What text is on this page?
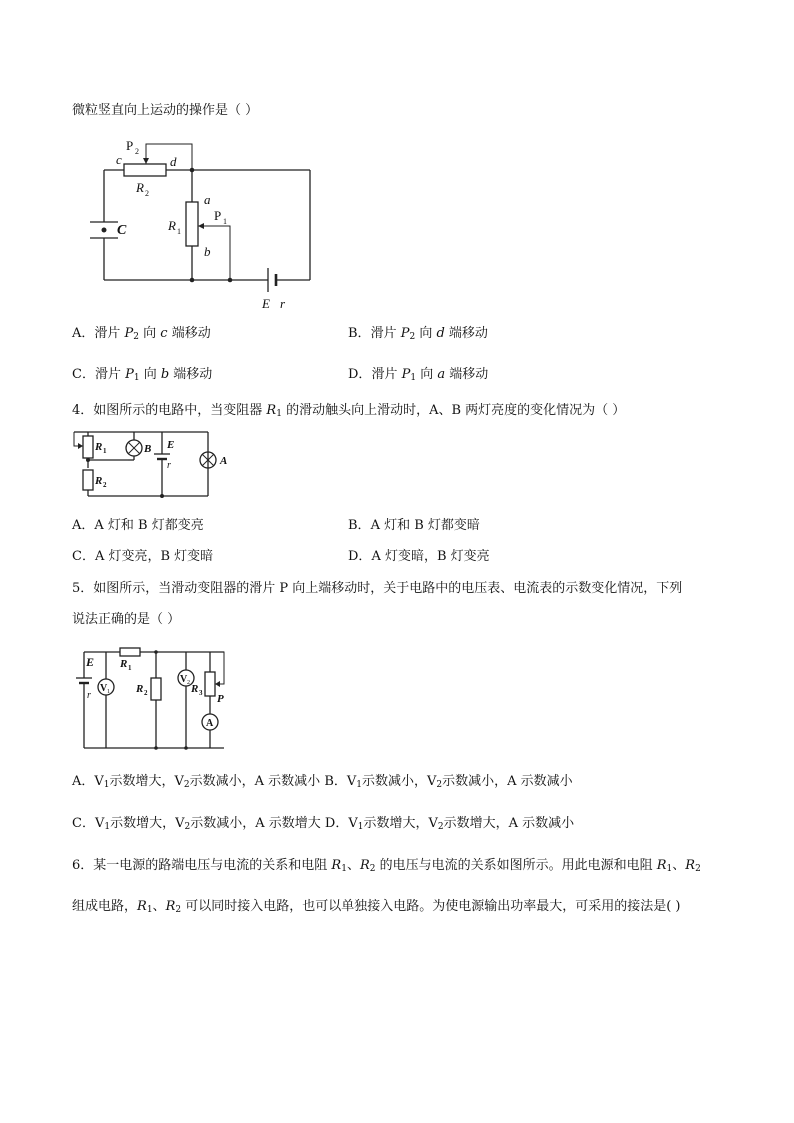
微粒竖直向上运动的操作是（ ）
c	d
P 2
R 2	a
b
P 1
R 1
C
E r
A．滑片 $P_2$ 向 c 端移动	B．滑片 $P_2$ 向 d 端移动
C．滑片 $P_1$ 向 b 端移动	D．滑片 $P_1$ 向 a 端移动
4．如图所示的电路中，当变阻器 $R_1$ 的滑动触头向上滑动时，A、B 两灯亮度的变化情况为（ ）
R 1
R 2
B E
r	A
A．A 灯和 B 灯都变亮	B．A 灯和 B 灯都变暗
C．A 灯变亮，B 灯变暗	D．A 灯变暗，B 灯变亮
5．如图所示，当滑动变阻器的滑片 P 向上端移动时，关于电路中的电压表、电流表的示数变化情况，下列
说法正确的是（ ）
E
r
V 1
R 1
R 2
V 2 R 3 P
A
A．$V_1$示数增大，$V_2$示数减小，A 示数减小 B．$V_1$示数减小，$V_2$示数减小，A 示数减小
C．$V_1$示数增大，$V_2$示数减小，A 示数增大 D．$V_1$示数增大，$V_2$示数增大，A 示数减小
6．某一电源的路端电压与电流的关系和电阻 $R_1$、$R_2$ 的电压与电流的关系如图所示。用此电源和电阻 $R_1$、$R_2$
组成电路，$R_1$、$R_2$ 可以同时接入电路，也可以单独接入电路。为使电源输出功率最大，可采用的接法是( )
